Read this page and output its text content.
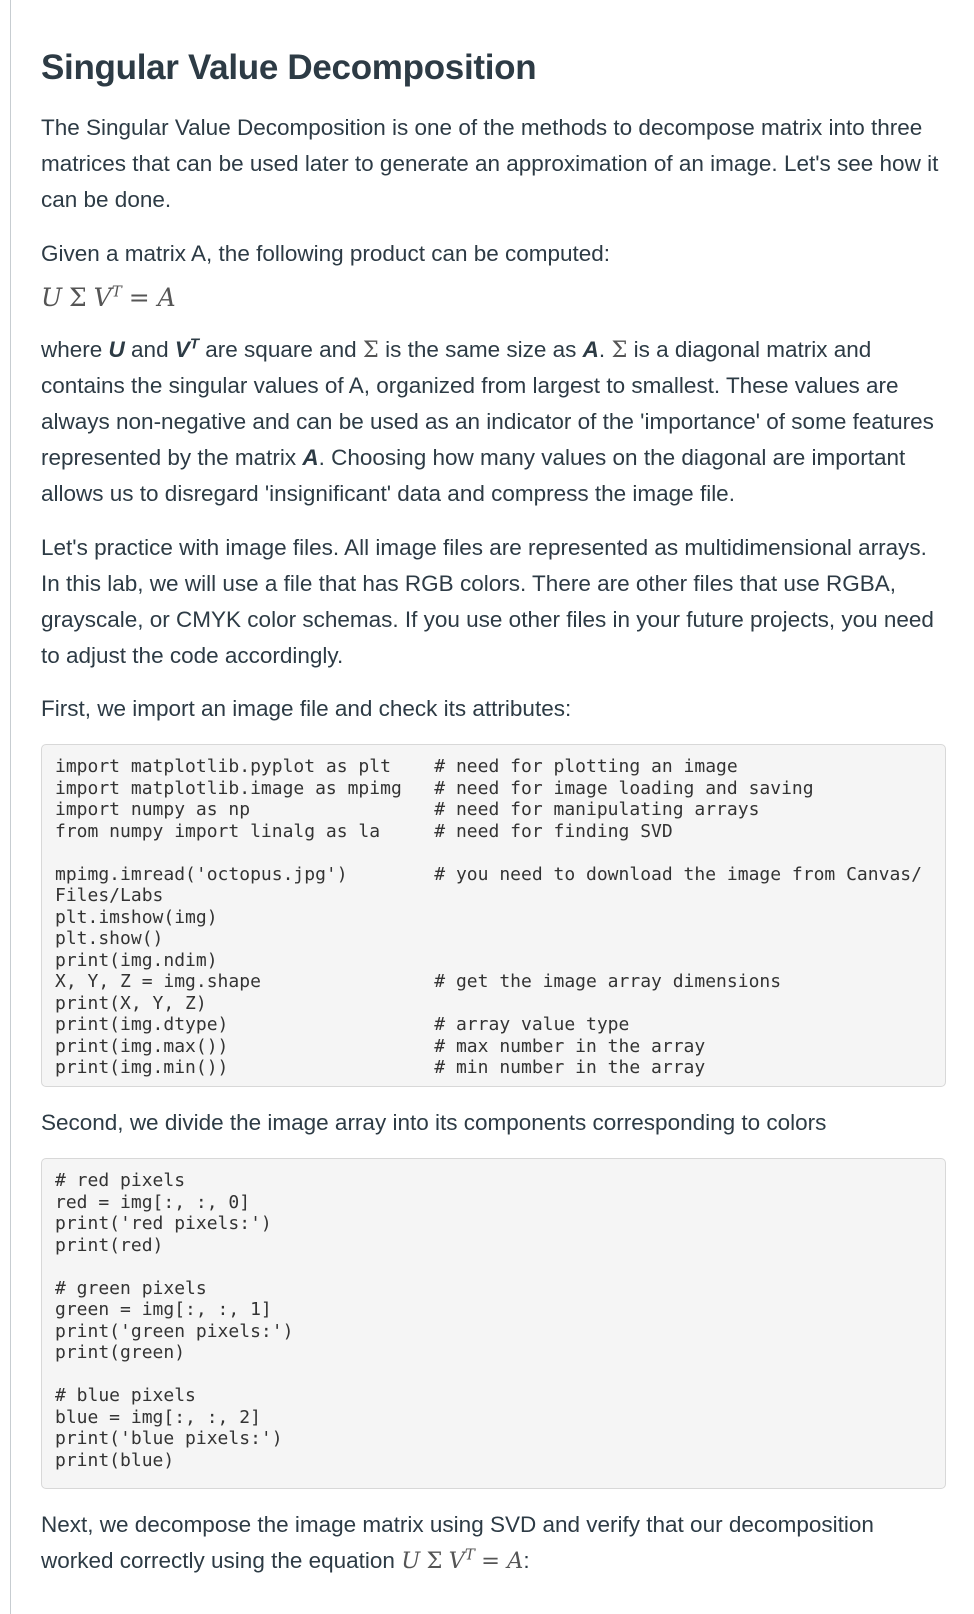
Singular Value Decomposition

The Singular Value Decomposition is one of the methods to decompose matrix into three matrices that can be used later to generate an approximation of an image. Let's see how it can be done.

Given a matrix A, the following product can be computed:

U Σ $V^T = A$

where U and $V^T$ are square and Σ is the same size as A. Σ is a diagonal matrix and contains the singular values of A, organized from largest to smallest. These values are always non-negative and can be used as an indicator of the 'importance' of some features represented by the matrix A. Choosing how many values on the diagonal are important allows us to disregard 'insignificant' data and compress the image file.

Let's practice with image files. All image files are represented as multidimensional arrays. In this lab, we will use a file that has RGB colors. There are other files that use RGBA, grayscale, or CMYK color schemas. If you use other files in your future projects, you need to adjust the code accordingly.

First, we import an image file and check its attributes:

import matplotlib.pyplot as plt    # need for plotting an image
import matplotlib.image as mpimg   # need for image loading and saving
import numpy as np                 # need for manipulating arrays
from numpy import linalg as la     # need for finding SVD

mpimg.imread('octopus.jpg')        # you need to download the image from Canvas/
Files/Labs
plt.imshow(img)
plt.show()
print(img.ndim)
X, Y, Z = img.shape                # get the image array dimensions
print(X, Y, Z)
print(img.dtype)                   # array value type
print(img.max())                   # max number in the array
print(img.min())                   # min number in the array

Second, we divide the image array into its components corresponding to colors

# red pixels
red = img[:, :, 0]
print('red pixels:')
print(red)

# green pixels
green = img[:, :, 1]
print('green pixels:')
print(green)

# blue pixels
blue = img[:, :, 2]
print('blue pixels:')
print(blue)

Next, we decompose the image matrix using SVD and verify that our decomposition worked correctly using the equation U Σ $V^T = A$:
